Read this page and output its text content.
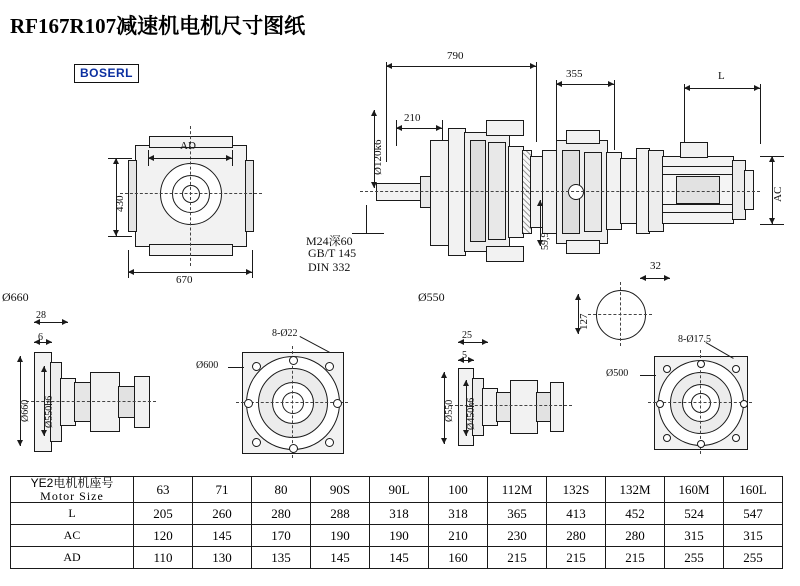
RF167R107减速机电机尺寸图纸
BOSERL
AD
430
670
790
355	L
210
Ø120k6
AC
59,9
M24深60
GB/T 145
DIN 332
Ø660	Ø550
32
127
28
6
Ø660 Ø550h6
8-Ø22
Ø600
25
5
Ø550 Ø450h6
8-Ø17.5
Ø500
YE2电机机座号
Motor Size	63	71	80	90S	90L	100	112M	132S	132M	160M	160L
L	205	260	280	288	318	318	365	413	452	524	547
AC	120	145	170	190	190	210	230	280	280	315	315
AD	110	130	135	145	145	160	215	215	215	255	255
